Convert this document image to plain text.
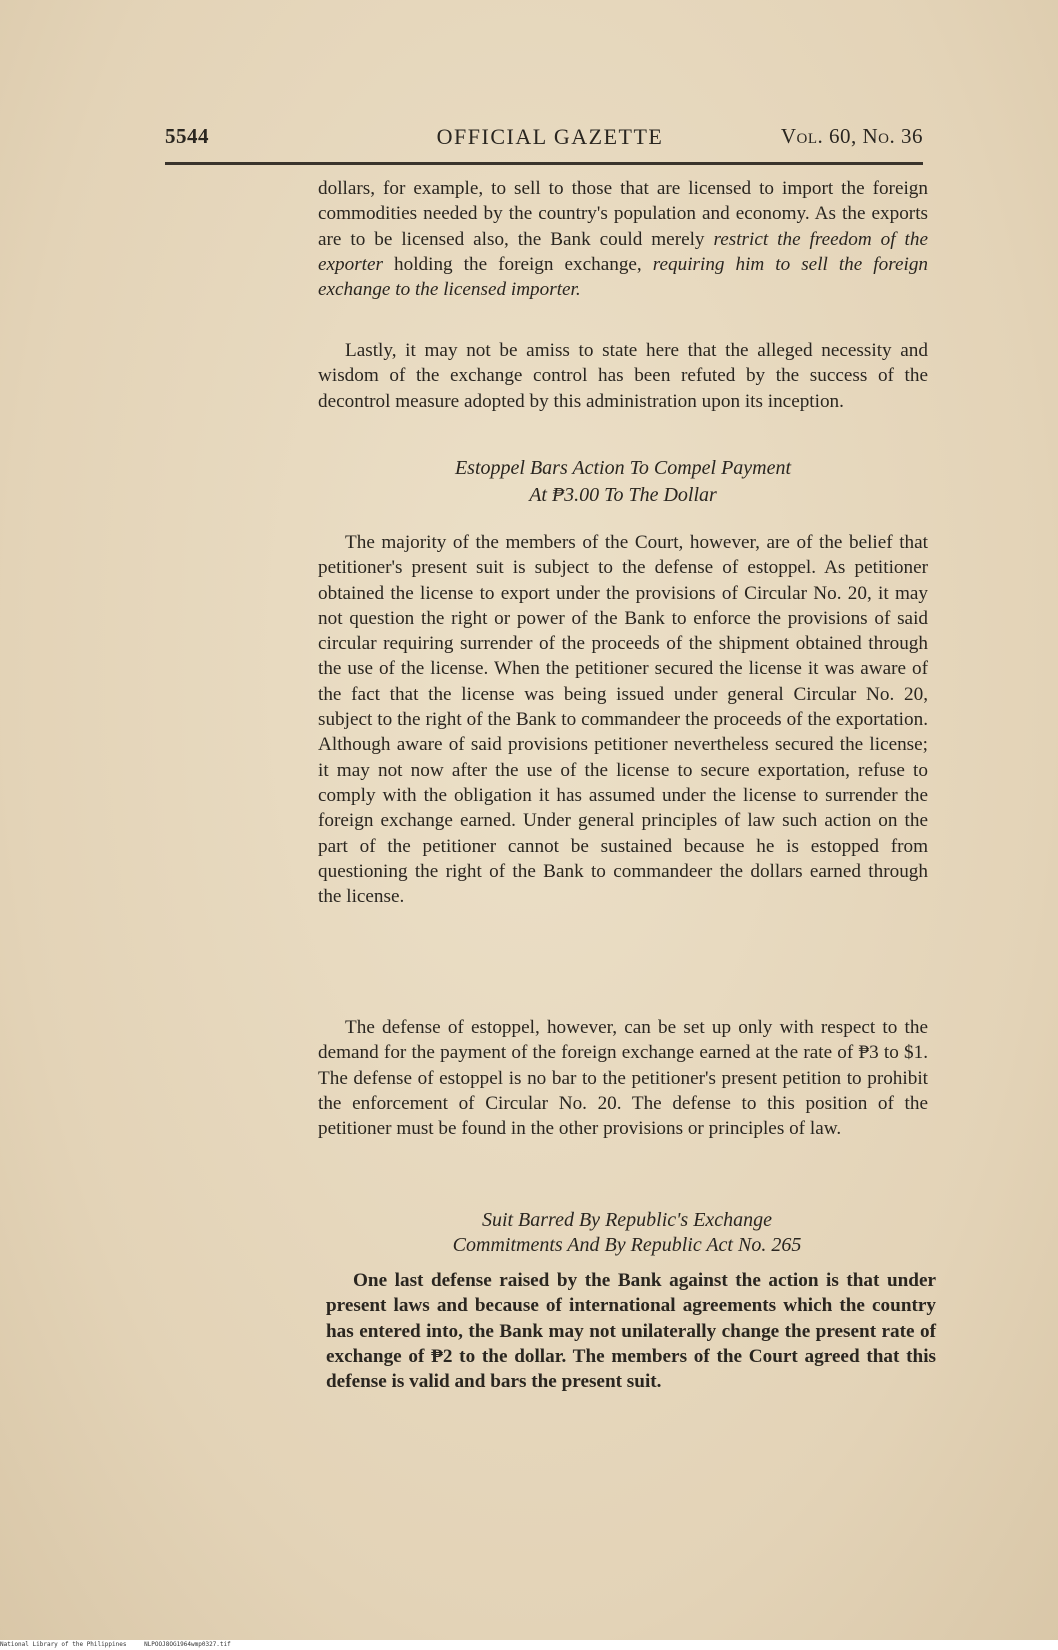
5544	OFFICIAL GAZETTE	Vol. 60, No. 36

dollars, for example, to sell to those that are licensed to import the foreign commodities needed by the country's population and economy. As the exports are to be licensed also, the Bank could merely restrict the freedom of the exporter holding the foreign exchange, requiring him to sell the foreign exchange to the licensed importer.

Lastly, it may not be amiss to state here that the alleged necessity and wisdom of the exchange control has been refuted by the success of the decontrol measure adopted by this administration upon its inception.

Estoppel Bars Action To Compel Payment

At ₱3.00 To The Dollar

The majority of the members of the Court, however, are of the belief that petitioner's present suit is subject to the defense of estoppel. As petitioner obtained the license to export under the provisions of Circular No. 20, it may not question the right or power of the Bank to enforce the provisions of said circular requiring surrender of the proceeds of the shipment obtained through the use of the license. When the petitioner secured the license it was aware of the fact that the license was being issued under general Circular No. 20, subject to the right of the Bank to commandeer the proceeds of the exportation. Although aware of said provisions petitioner nevertheless secured the license; it may not now after the use of the license to secure exportation, refuse to comply with the obligation it has assumed under the license to surrender the foreign exchange earned. Under general principles of law such action on the part of the petitioner cannot be sustained because he is estopped from questioning the right of the Bank to commandeer the dollars earned through the license.

The defense of estoppel, however, can be set up only with respect to the demand for the payment of the foreign exchange earned at the rate of ₱3 to $1. The defense of estoppel is no bar to the petitioner's present petition to prohibit the enforcement of Circular No. 20. The defense to this position of the petitioner must be found in the other provisions or principles of law.

Suit Barred By Republic's Exchange

Commitments And By Republic Act No. 265

One last defense raised by the Bank against the action is that under present laws and because of international agreements which the country has entered into, the Bank may not unilaterally change the present rate of exchange of ₱2 to the dollar. The members of the Court agreed that this defense is valid and bars the present suit.

National Library of the Philippines	NLPOOJ8OG1964wmp0327.tif
